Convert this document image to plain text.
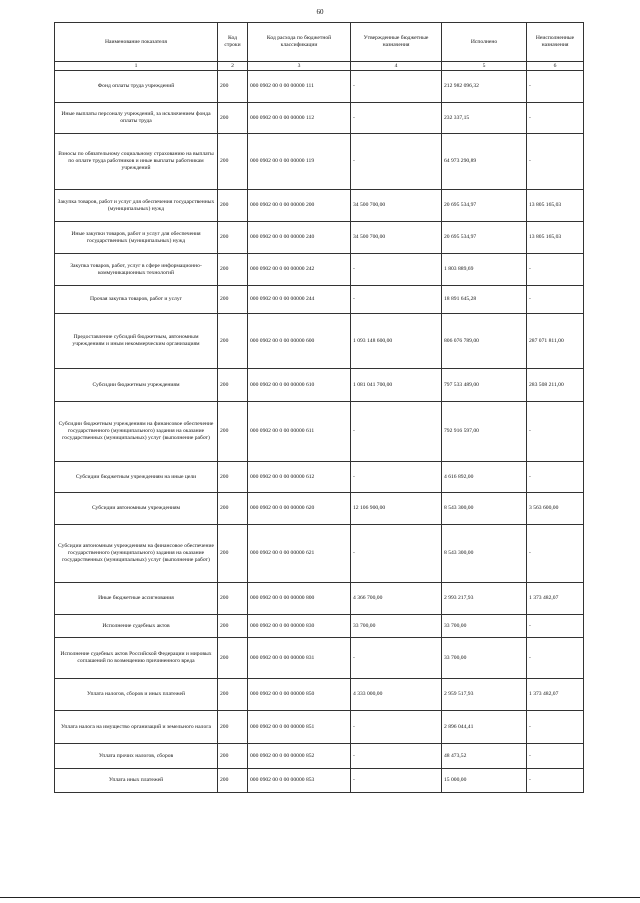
60
Наименование показателя	Код строки	Код расхода по бюджетной классификации	Утвержденные бюджетные назначения	Исполнено	Неисполненные назначения
1	2	3	4	5	6
Фонд оплаты труда учреждений	200	000 0902 00 0 00 00000 111	-	212 982 096,32	-
Иные выплаты персоналу учреждений, за исключением фонда оплаты труда	200	000 0902 00 0 00 00000 112	-	232 337,15	-
Взносы по обязательному социальному страхованию на выплаты по оплате труда работников и иные выплаты работникам учреждений	200	000 0902 00 0 00 00000 119	-	64 973 290,89	-
Закупка товаров, работ и услуг для обеспечения государственных (муниципальных) нужд	200	000 0902 00 0 00 00000 200	34 500 700,00	20 695 534,97	13 805 165,03
Иные закупки товаров, работ и услуг для обеспечения государственных (муниципальных) нужд	200	000 0902 00 0 00 00000 240	34 500 700,00	20 695 534,97	13 805 165,03
Закупка товаров, работ, услуг в сфере информационно-коммуникационных технологий	200	000 0902 00 0 00 00000 242	-	1 803 889,69	-
Прочая закупка товаров, работ и услуг	200	000 0902 00 0 00 00000 244	-	18 891 645,28	-
Предоставление субсидий бюджетным, автономным учреждениям и иным некоммерческим организациям	200	000 0902 00 0 00 00000 600	1 093 148 600,00	806 076 789,00	287 071 811,00
Субсидии бюджетным учреждениям	200	000 0902 00 0 00 00000 610	1 081 041 700,00	797 533 489,00	283 508 211,00
Субсидии бюджетным учреждениям на финансовое обеспечение государственного (муниципального) задания на оказание государственных (муниципальных) услуг (выполнение работ)	200	000 0902 00 0 00 00000 611	-	792 916 597,00	-
Субсидии бюджетным учреждениям на иные цели	200	000 0902 00 0 00 00000 612	-	4 616 892,00	-
Субсидии автономным учреждениям	200	000 0902 00 0 00 00000 620	12 106 900,00	8 543 300,00	3 563 600,00
Субсидии автономным учреждениям на финансовое обеспечение государственного (муниципального) задания на оказание государственных (муниципальных) услуг (выполнение работ)	200	000 0902 00 0 00 00000 621	-	8 543 300,00	-
Иные бюджетные ассигнования	200	000 0902 00 0 00 00000 800	4 366 700,00	2 993 217,93	1 373 482,07
Исполнение судебных актов	200	000 0902 00 0 00 00000 830	33 700,00	33 700,00	-
Исполнение судебных актов Российской Федерации и мировых соглашений по возмещению причиненного вреда	200	000 0902 00 0 00 00000 831	-	33 700,00	-
Уплата налогов, сборов и иных платежей	200	000 0902 00 0 00 00000 850	4 333 000,00	2 959 517,93	1 373 482,07
Уплата налога на имущество организаций и земельного налога	200	000 0902 00 0 00 00000 851	-	2 896 044,41	-
Уплата прочих налогов, сборов	200	000 0902 00 0 00 00000 852	-	48 473,52	-
Уплата иных платежей	200	000 0902 00 0 00 00000 853	-	15 000,00	-
